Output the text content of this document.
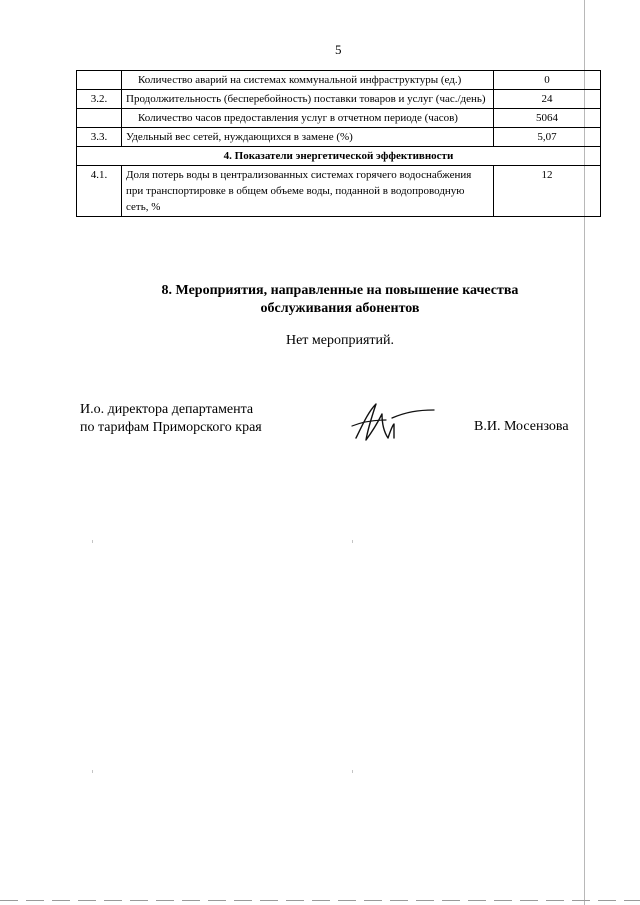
5
	Количество аварий на системах коммунальной инфраструктуры (ед.)	0
3.2.	Продолжительность (бесперебойность) поставки товаров и услуг (час./день)	24
	Количество часов предоставления услуг в отчетном периоде (часов)	5064
3.3.	Удельный вес сетей, нуждающихся в замене (%)	5,07
4. Показатели энергетической эффективности		
4.1.	Доля потерь воды в централизованных системах горячего водоснабжения при транспортировке в общем объеме воды, поданной в водопроводную сеть, %	12
8. Мероприятия, направленные на повышение качества
обслуживания абонентов
Нет мероприятий.
И.о. директора департамента
по тарифам Приморского края	В.И. Мосензова
